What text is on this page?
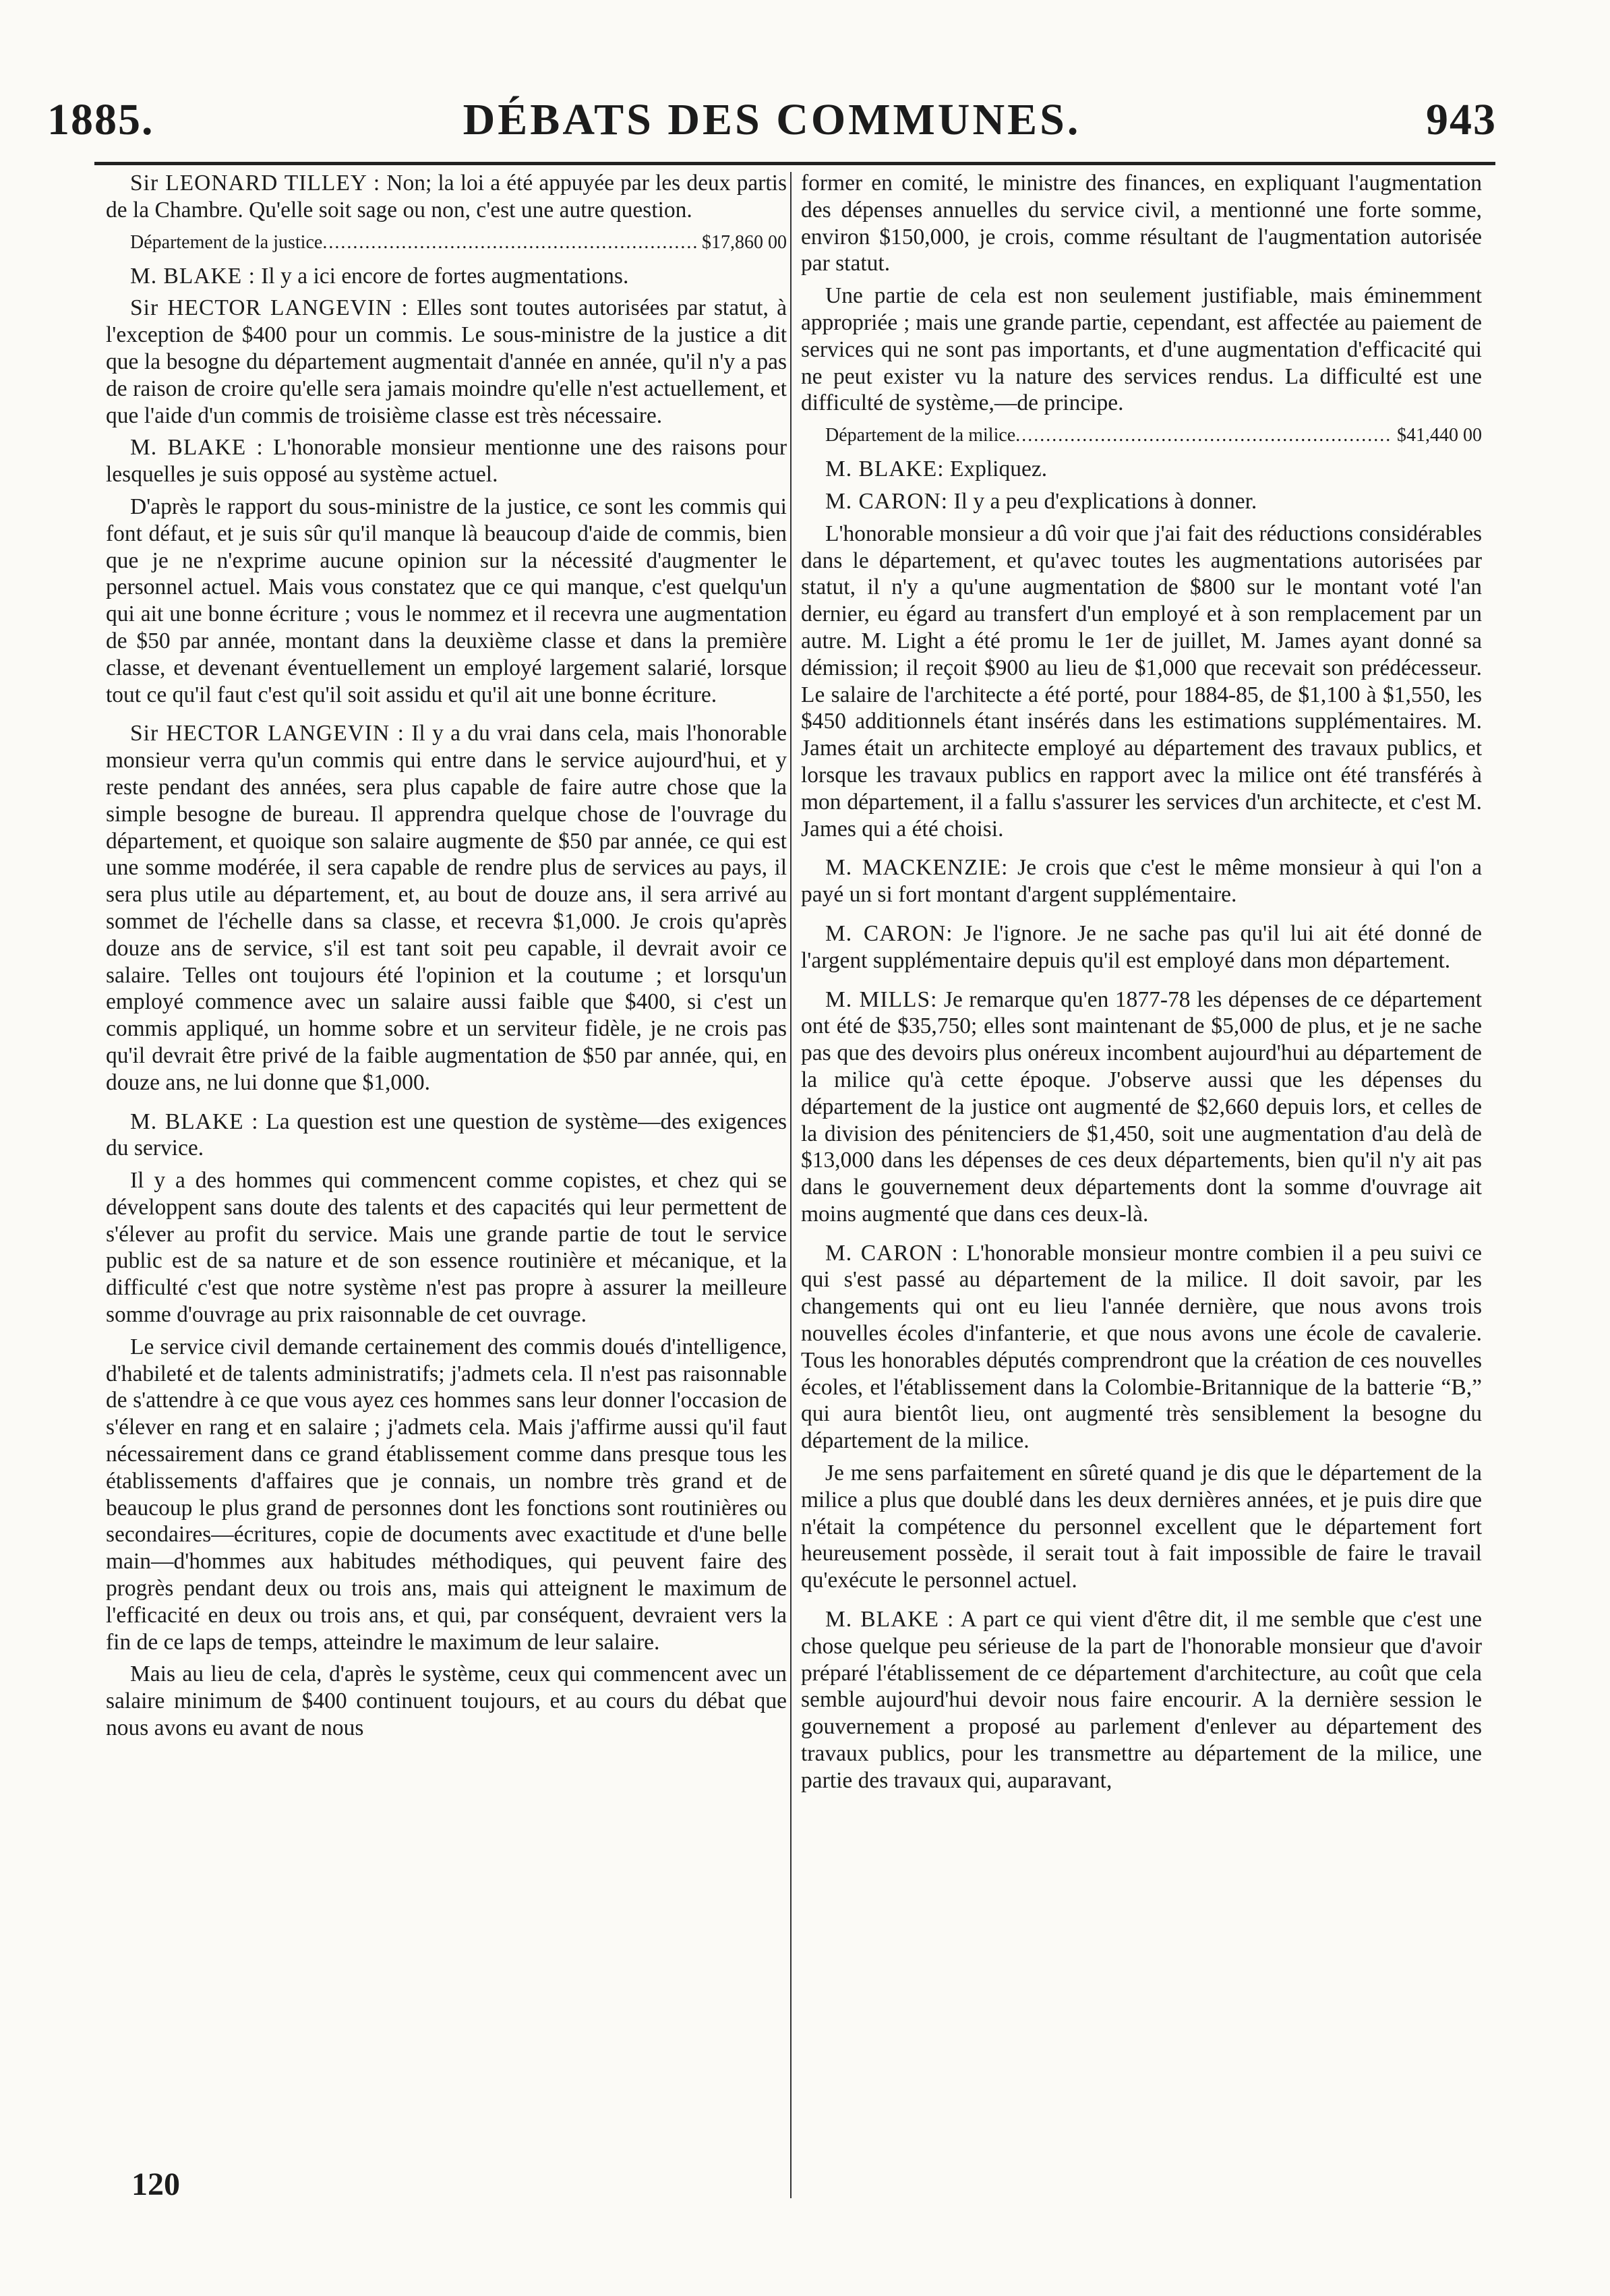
1885.	DÉBATS DES COMMUNES.	943

Sir LEONARD TILLEY : Non; la loi a été appuyée par les deux partis de la Chambre. Qu'elle soit sage ou non, c'est une autre question.

Département de la justice .....	$17,860 00

M. BLAKE : Il y a ici encore de fortes augmentations.

Sir HECTOR LANGEVIN : Elles sont toutes autorisées par statut, à l'exception de $400 pour un commis. Le sous-ministre de la justice a dit que la besogne du département augmentait d'année en année, qu'il n'y a pas de raison de croire qu'elle sera jamais moindre qu'elle n'est actuellement, et que l'aide d'un commis de troisième classe est très nécessaire.

M. BLAKE : L'honorable monsieur mentionne une des raisons pour lesquelles je suis opposé au système actuel.

D'après le rapport du sous-ministre de la justice, ce sont les commis qui font défaut, et je suis sûr qu'il manque là beaucoup d'aide de commis, bien que je ne n'exprime aucune opinion sur la nécessité d'augmenter le personnel actuel. Mais vous constatez que ce qui manque, c'est quelqu'un qui ait une bonne écriture ; vous le nommez et il recevra une augmentation de $50 par année, montant dans la deuxième classe et dans la première classe, et devenant éventuellement un employé largement salarié, lorsque tout ce qu'il faut c'est qu'il soit assidu et qu'il ait une bonne écriture.

Sir HECTOR LANGEVIN : Il y a du vrai dans cela, mais l'honorable monsieur verra qu'un commis qui entre dans le service aujourd'hui, et y reste pendant des années, sera plus capable de faire autre chose que la simple besogne de bureau. Il apprendra quelque chose de l'ouvrage du département, et quoique son salaire augmente de $50 par année, ce qui est une somme modérée, il sera capable de rendre plus de services au pays, il sera plus utile au département, et, au bout de douze ans, il sera arrivé au sommet de l'échelle dans sa classe, et recevra $1,000. Je crois qu'après douze ans de service, s'il est tant soit peu capable, il devrait avoir ce salaire. Telles ont toujours été l'opinion et la coutume ; et lorsqu'un employé commence avec un salaire aussi faible que $400, si c'est un commis appliqué, un homme sobre et un serviteur fidèle, je ne crois pas qu'il devrait être privé de la faible augmentation de $50 par année, qui, en douze ans, ne lui donne que $1,000.

M. BLAKE : La question est une question de système—des exigences du service.

Il y a des hommes qui commencent comme copistes, et chez qui se développent sans doute des talents et des capacités qui leur permettent de s'élever au profit du service. Mais une grande partie de tout le service public est de sa nature et de son essence routinière et mécanique, et la difficulté c'est que notre système n'est pas propre à assurer la meilleure somme d'ouvrage au prix raisonnable de cet ouvrage.

Le service civil demande certainement des commis doués d'intelligence, d'habileté et de talents administratifs; j'admets cela. Il n'est pas raisonnable de s'attendre à ce que vous ayez ces hommes sans leur donner l'occasion de s'élever en rang et en salaire ; j'admets cela. Mais j'affirme aussi qu'il faut nécessairement dans ce grand établissement comme dans presque tous les établissements d'affaires que je connais, un nombre très grand et de beaucoup le plus grand de personnes dont les fonctions sont routinières ou secondaires—écritures, copie de documents avec exactitude et d'une belle main—d'hommes aux habitudes méthodiques, qui peuvent faire des progrès pendant deux ou trois ans, mais qui atteignent le maximum de l'efficacité en deux ou trois ans, et qui, par conséquent, devraient vers la fin de ce laps de temps, atteindre le maximum de leur salaire.

Mais au lieu de cela, d'après le système, ceux qui commencent avec un salaire minimum de $400 continuent toujours, et au cours du débat que nous avons eu avant de nous

former en comité, le ministre des finances, en expliquant l'augmentation des dépenses annuelles du service civil, a mentionné une forte somme, environ $150,000, je crois, comme résultant de l'augmentation autorisée par statut.

Une partie de cela est non seulement justifiable, mais éminemment appropriée ; mais une grande partie, cependant, est affectée au paiement de services qui ne sont pas importants, et d'une augmentation d'efficacité qui ne peut exister vu la nature des services rendus. La difficulté est une difficulté de système,—de principe.

Département de la milice .....	$41,440 00

M. BLAKE: Expliquez.

M. CARON: Il y a peu d'explications à donner.

L'honorable monsieur a dû voir que j'ai fait des réductions considérables dans le département, et qu'avec toutes les augmentations autorisées par statut, il n'y a qu'une augmentation de $800 sur le montant voté l'an dernier, eu égard au transfert d'un employé et à son remplacement par un autre. M. Light a été promu le 1er de juillet, M. James ayant donné sa démission; il reçoit $900 au lieu de $1,000 que recevait son prédécesseur. Le salaire de l'architecte a été porté, pour 1884-85, de $1,100 à $1,550, les $450 additionnels étant insérés dans les estimations supplémentaires. M. James était un architecte employé au département des travaux publics, et lorsque les travaux publics en rapport avec la milice ont été transférés à mon département, il a fallu s'assurer les services d'un architecte, et c'est M. James qui a été choisi.

M. MACKENZIE: Je crois que c'est le même monsieur à qui l'on a payé un si fort montant d'argent supplémentaire.

M. CARON: Je l'ignore. Je ne sache pas qu'il lui ait été donné de l'argent supplémentaire depuis qu'il est employé dans mon département.

M. MILLS: Je remarque qu'en 1877-78 les dépenses de ce département ont été de $35,750; elles sont maintenant de $5,000 de plus, et je ne sache pas que des devoirs plus onéreux incombent aujourd'hui au département de la milice qu'à cette époque. J'observe aussi que les dépenses du département de la justice ont augmenté de $2,660 depuis lors, et celles de la division des pénitenciers de $1,450, soit une augmentation d'au delà de $13,000 dans les dépenses de ces deux départements, bien qu'il n'y ait pas dans le gouvernement deux départements dont la somme d'ouvrage ait moins augmenté que dans ces deux-là.

M. CARON : L'honorable monsieur montre combien il a peu suivi ce qui s'est passé au département de la milice. Il doit savoir, par les changements qui ont eu lieu l'année dernière, que nous avons trois nouvelles écoles d'infanterie, et que nous avons une école de cavalerie. Tous les honorables députés comprendront que la création de ces nouvelles écoles, et l'établissement dans la Colombie-Britannique de la batterie “B,” qui aura bientôt lieu, ont augmenté très sensiblement la besogne du département de la milice.

Je me sens parfaitement en sûreté quand je dis que le département de la milice a plus que doublé dans les deux dernières années, et je puis dire que n'était la compétence du personnel excellent que le département fort heureusement possède, il serait tout à fait impossible de faire le travail qu'exécute le personnel actuel.

M. BLAKE : A part ce qui vient d'être dit, il me semble que c'est une chose quelque peu sérieuse de la part de l'honorable monsieur que d'avoir préparé l'établissement de ce département d'architecture, au coût que cela semble aujourd'hui devoir nous faire encourir. A la dernière session le gouvernement a proposé au parlement d'enlever au département des travaux publics, pour les transmettre au département de la milice, une partie des travaux qui, auparavant,

120
